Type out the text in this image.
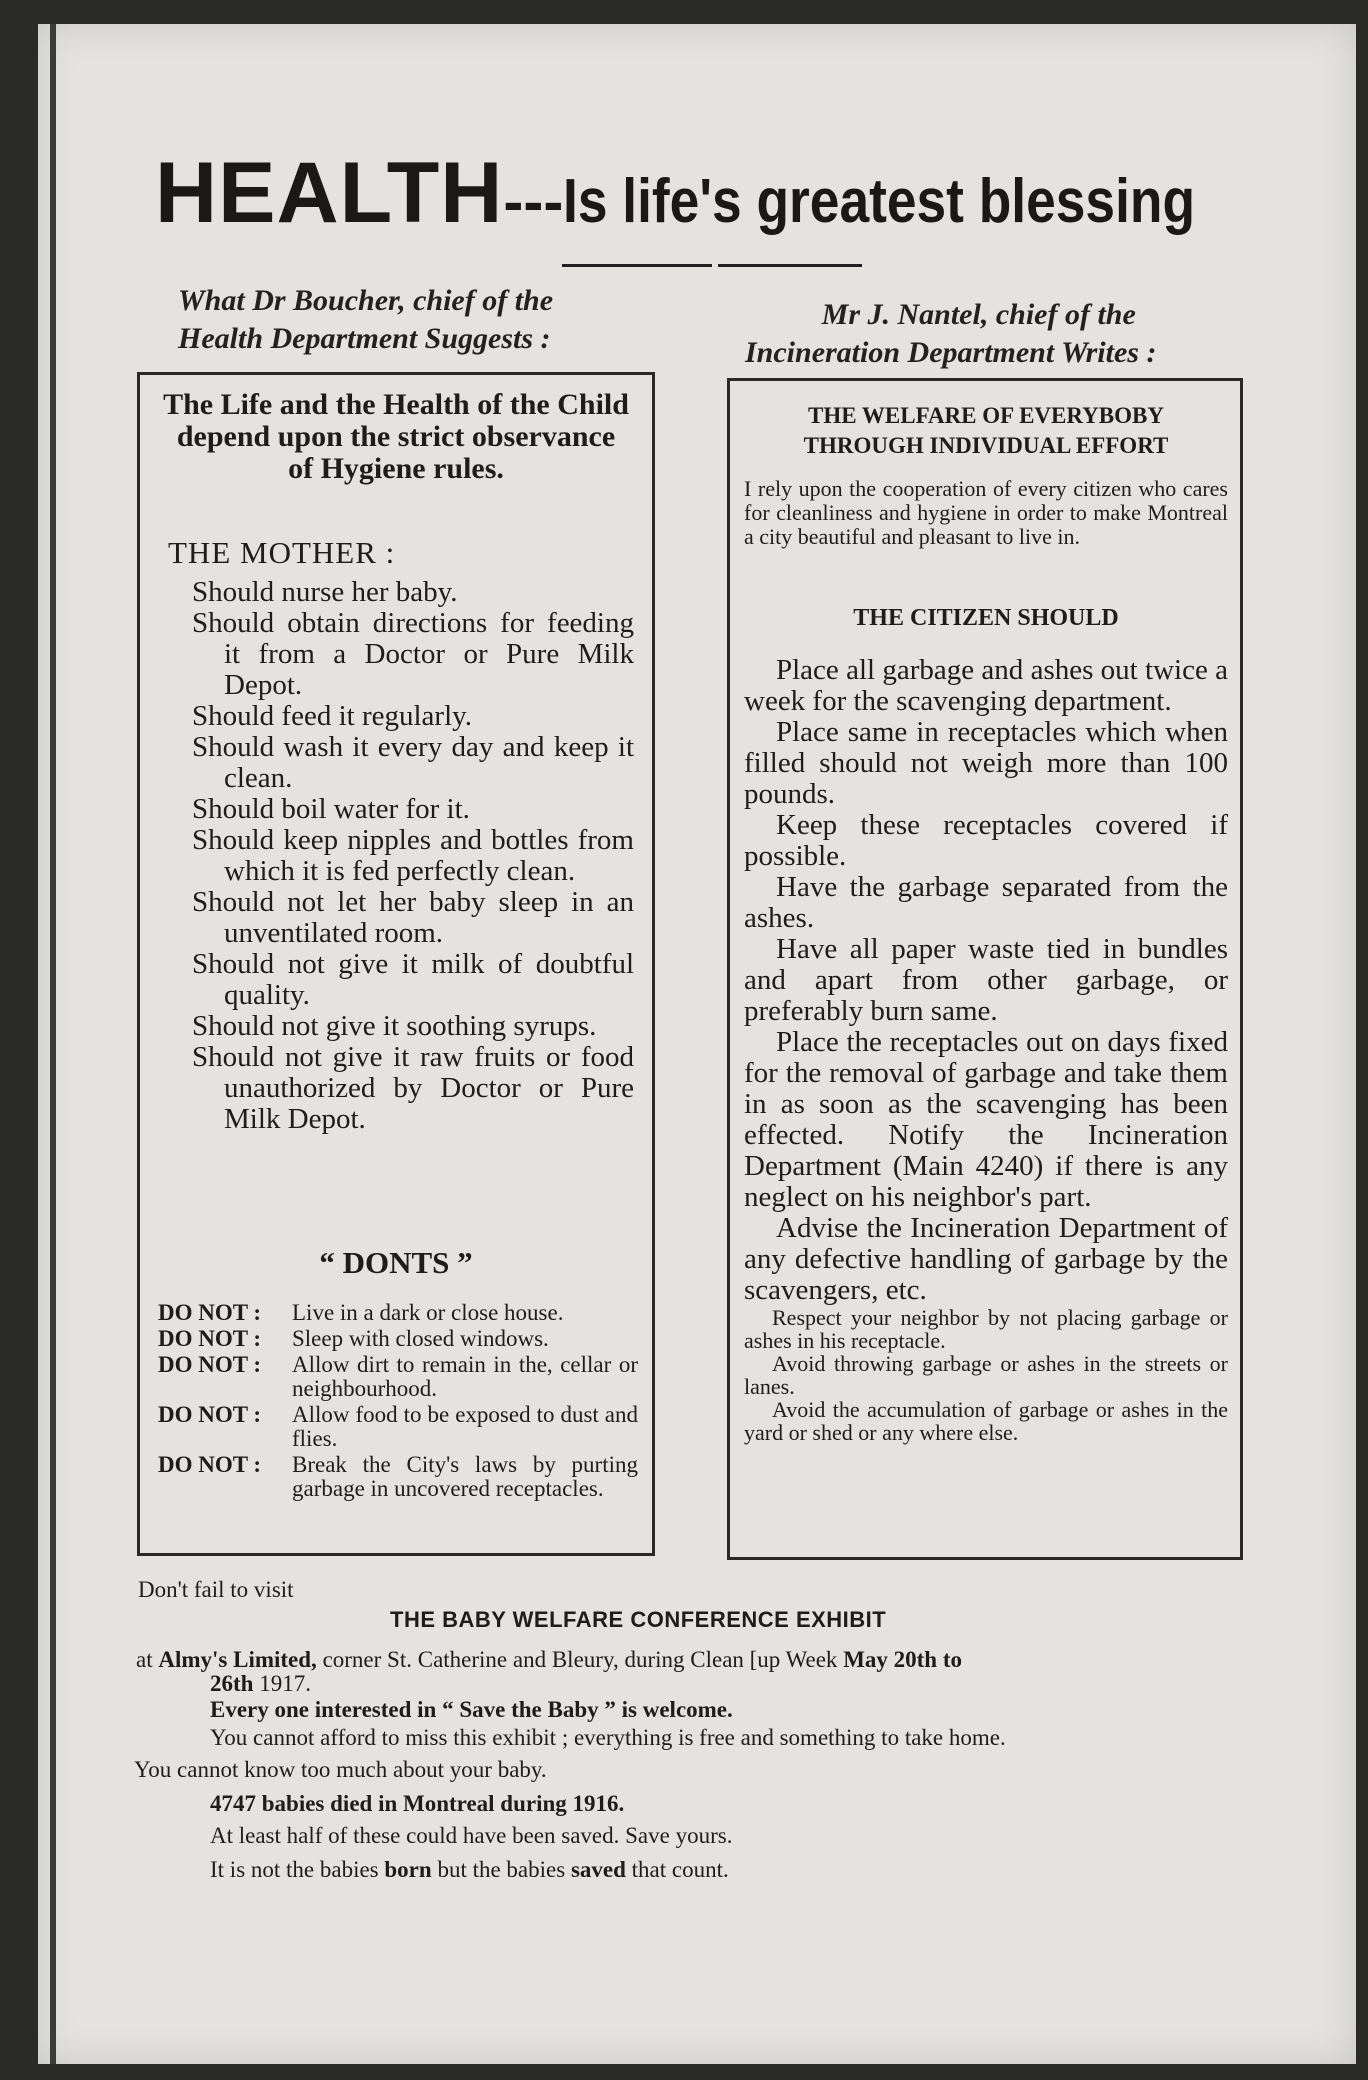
HEALTH---Is life's greatest blessing
What Dr Boucher, chief of the
Health Department Suggests :
Mr J. Nantel, chief of the
Incineration Department Writes :
The Life and the Health of the Child depend upon the strict observance of Hygiene rules.
THE MOTHER :

Should nurse her baby.

Should obtain directions for feeding it from a Doctor or Pure Milk Depot.

Should feed it regularly.

Should wash it every day and keep it clean.

Should boil water for it.

Should keep nipples and bottles from which it is fed perfectly clean.

Should not let her baby sleep in an unventilated room.

Should not give it milk of doubtful quality.

Should not give it soothing syrups.

Should not give it raw fruits or food unauthorized by Doctor or Pure Milk Depot.

“ DONTS ”
DO NOT :	Live in a dark or close house.
DO NOT :	Sleep with closed windows.
DO NOT :	Allow dirt to remain in the, cellar or neighbourhood.
DO NOT :	Allow food to be exposed to dust and flies.
DO NOT :	Break the City's laws by purting garbage in uncovered receptacles.
THE WELFARE OF EVERYBOBY
THROUGH INDIVIDUAL EFFORT
I rely upon the cooperation of every citizen who cares for cleanliness and hygiene in order to make Montreal a city beautiful and pleasant to live in.
THE CITIZEN SHOULD

Place all garbage and ashes out twice a week for the scavenging department.

Place same in receptacles which when filled should not weigh more than 100 pounds.

Keep these receptacles covered if possible.

Have the garbage separated from the ashes.

Have all paper waste tied in bundles and apart from other garbage, or preferably burn same.

Place the receptacles out on days fixed for the removal of garbage and take them in as soon as the scavenging has been effected. Notify the Incineration Department (Main 4240) if there is any neglect on his neighbor's part.

Advise the Incineration Department of any defective handling of garbage by the scavengers, etc.

Respect your neighbor by not placing garbage or ashes in his receptacle.

Avoid throwing garbage or ashes in the streets or lanes.

Avoid the accumulation of garbage or ashes in the yard or shed or any where else.

Don't fail to visit
THE BABY WELFARE CONFERENCE EXHIBIT
at Almy's Limited, corner St. Catherine and Bleury, during Clean [up Week May 20th to
26th 1917.
Every one interested in “ Save the Baby ” is welcome.
You cannot afford to miss this exhibit ; everything is free and something to take home.
You cannot know too much about your baby.
4747 babies died in Montreal during 1916.
At least half of these could have been saved. Save yours.
It is not the babies born but the babies saved that count.
